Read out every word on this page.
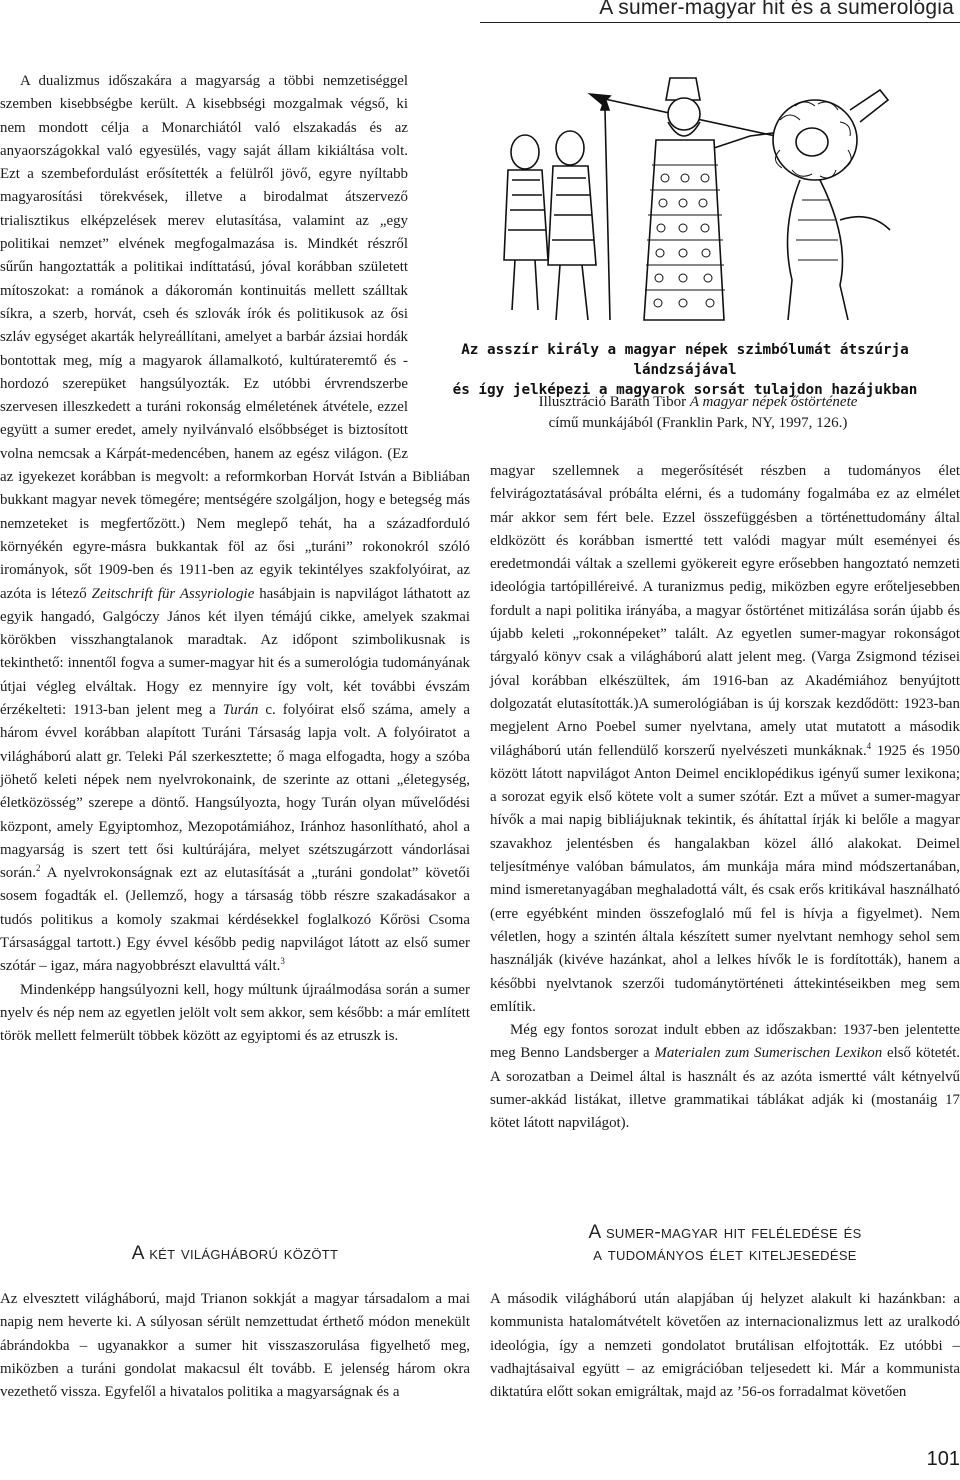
A sumer-magyar hit és a sumerológia

A dualizmus időszakára a magyarság a többi nemzetiséggel szemben kisebbségbe került. A kisebbségi mozgalmak végső, ki nem mondott célja a Monarchiától való elszakadás és az anyaországokkal való egyesülés, vagy saját állam kikiáltása volt. Ezt a szembefordulást erősítették a felülről jövő, egyre nyíltabb magyarosítási törekvések, illetve a birodalmat átszervező trialisztikus elképzelések merev elutasítása, valamint az „egy politikai nemzet” elvének megfogalmazása is. Mindkét részről sűrűn hangoztatták a politikai indíttatású, jóval korábban született mítoszokat: a románok a dákoromán kontinuitás mellett szálltak síkra, a szerb, horvát, cseh és szlovák írók és politikusok az ősi szláv egységet akarták helyreállítani, amelyet a barbár ázsiai hordák bontottak meg, míg a magyarok államalkotó, kultúrateremtő és -hordozó szerepüket hangsúlyozták. Ez utóbbi érvrendszerbe szervesen illeszkedett a turáni rokonság elméletének átvétele, ezzel együtt a sumer eredet, amely nyilvánvaló elsőbbséget is biztosított volna nemcsak a Kárpát-medencében, hanem az egész világon. (Ez az igyekezet korábban is megvolt: a reformkorban Horvát István a Bibliában bukkant magyar nevek tömegére; mentségére szolgáljon, hogy e betegség más nemzeteket is megfertőzött.) Nem meglepő tehát, ha a századforduló környékén egyre-másra bukkantak föl az ősi „turáni” rokonokról szóló irományok, sőt 1909-ben és 1911-ben az egyik tekintélyes szakfolyóirat, az azóta is létező Zeitschrift für Assyriologie hasábjain is napvilágot láthatott az egyik hangadó, Galgóczy János két ilyen témájú cikke, amelyek szakmai körökben visszhangtalanok maradtak. Az időpont szimbolikusnak is tekinthető: innentől fogva a sumer-magyar hit és a sumerológia tudományának útjai végleg elváltak. Hogy ez mennyire így volt, két további évszám érzékelteti: 1913-ban jelent meg a Turán c. folyóirat első száma, amely a három évvel korábban alapított Turáni Társaság lapja volt. A folyóiratot a világháború alatt gr. Teleki Pál szerkesztette; ő maga elfogadta, hogy a szóba jöhető keleti népek nem nyelvrokonaink, de szerinte az ottani „életegység, életközösség” szerepe a döntő. Hangsúlyozta, hogy Turán olyan művelődési központ, amely Egyiptomhoz, Mezopotámiához, Iránhoz hasonlítható, ahol a magyarság is szert tett ősi kultúrájára, melyet szétszugárzott vándorlásai során.$^2$ A nyelvrokonságnak ezt az elutasítását a „turáni gondolat” követői sosem fogadták el. (Jellemző, hogy a társaság több részre szakadásakor a tudós politikus a komoly szakmai kérdésekkel foglalkozó Kőrösi Csoma Társasággal tartott.) Egy évvel később pedig napvilágot látott az első sumer szótár – igaz, mára nagyobbrészt elavulttá vált.$^3$

Mindenképp hangsúlyozni kell, hogy múltunk újraálmodása során a sumer nyelv és nép nem az egyetlen jelölt volt sem akkor, sem később: a már említett török mellett felmerült többek között az egyiptomi és az etruszk is.

Az asszír király a magyar népek szimbólumát átszúrja lándzsájával
és így jelképezi a magyarok sorsát tulajdon hazájukban
Illusztráció Baráth Tibor A magyar népek őstörténete
című munkájából (Franklin Park, NY, 1997, 126.)

magyar szellemnek a megerősítését részben a tudományos élet felvirágoztatásával próbálta elérni, és a tudomány fogalmába ez az elmélet már akkor sem fért bele. Ezzel összefüggésben a történettudomány által eldközött és korábban ismertté tett valódi magyar múlt eseményei és eredetmondái váltak a szellemi gyökereit egyre erősebben hangoztató nemzeti ideológia tartópilléreivé. A turanizmus pedig, miközben egyre erőteljesebben fordult a napi politika irányába, a magyar őstörténet mitizálása során újabb és újabb keleti „rokonnépeket” talált. Az egyetlen sumer-magyar rokonságot tárgyaló könyv csak a világháború alatt jelent meg. (Varga Zsigmond tézisei jóval korábban elkészültek, ám 1916-ban az Akadémiához benyújtott dolgozatát elutasították.)A sumerológiában is új korszak kezdődött: 1923-ban megjelent Arno Poebel sumer nyelvtana, amely utat mutatott a második világháború után fellendülő korszerű nyelvészeti munkáknak.$^4$ 1925 és 1950 között látott napvilágot Anton Deimel enciklopédikus igényű sumer lexikona; a sorozat egyik első kötete volt a sumer szótár. Ezt a művet a sumer-magyar hívők a mai napig bibliájuknak tekintik, és áhítattal írják ki belőle a magyar szavakhoz jelentésben és hangalakban közel álló alakokat. Deimel teljesítménye valóban bámulatos, ám munkája mára mind módszertanában, mind ismeretanyagában meghaladottá vált, és csak erős kritikával használható (erre egyébként minden összefoglaló mű fel is hívja a figyelmet). Nem véletlen, hogy a szintén általa készített sumer nyelvtant nemhogy sehol sem használják (kivéve hazánkat, ahol a lelkes hívők le is fordították), hanem a későbbi nyelvtanok szerzői tudománytörténeti áttekintéseikben meg sem említik.

Még egy fontos sorozat indult ebben az időszakban: 1937-ben jelentette meg Benno Landsberger a Materialen zum Sumerischen Lexikon első kötetét. A sorozatban a Deimel által is használt és az azóta ismertté vált kétnyelvű sumer-akkád listákat, illetve grammatikai táblákat adják ki (mostanáig 17 kötet látott napvilágot).

A két világháború között
A sumer-magyar hit feléledése és
a tudományos élet kiteljesedése

Az elvesztett világháború, majd Trianon sokkját a magyar társadalom a mai napig nem heverte ki. A súlyosan sérült nemzettudat érthető módon menekült ábrándokba – ugyanakkor a sumer hit visszaszorulása figyelhető meg, miközben a turáni gondolat makacsul élt tovább. E jelenség három okra vezethető vissza. Egyfelől a hivatalos politika a magyarságnak és a

A második világháború után alapjában új helyzet alakult ki hazánkban: a kommunista hatalomátvételt követően az internacionalizmus lett az uralkodó ideológia, így a nemzeti gondolatot brutálisan elfojtották. Ez utóbbi – vadhajtásaival együtt – az emigrációban teljesedett ki. Már a kommunista diktatúra előtt sokan emigráltak, majd az ’56-os forradalmat követően

101
